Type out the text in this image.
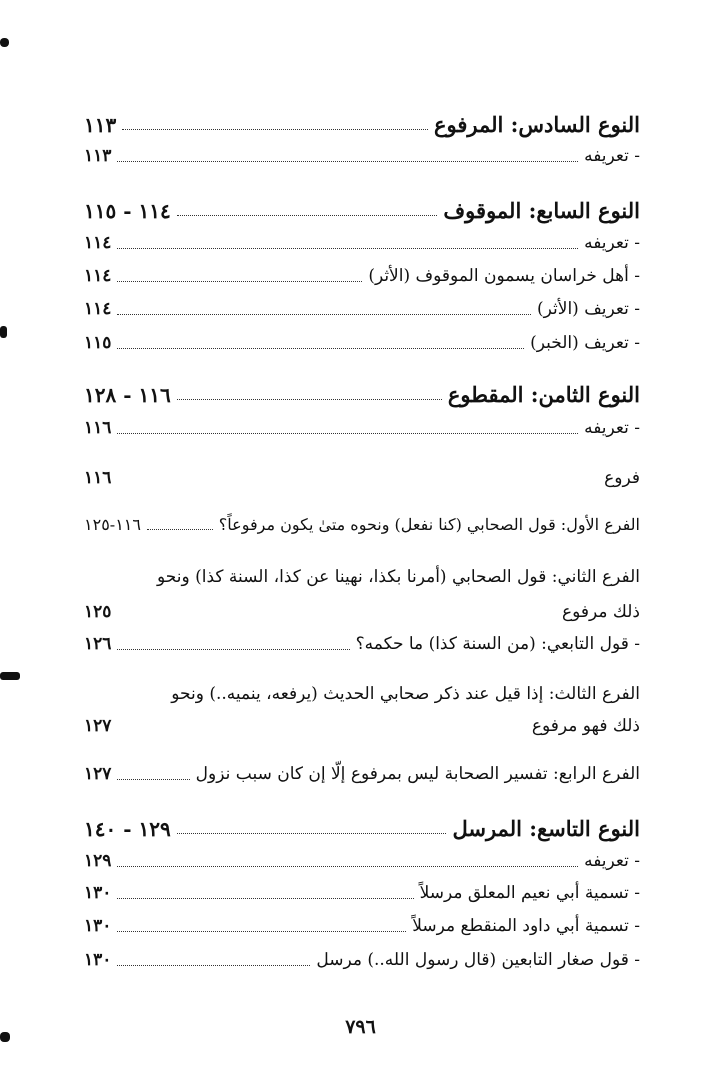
النوع السادس: المرفوع
١١٣
- تعريفه
١١٣
النوع السابع: الموقوف
١١٤ - ١١٥
- تعريفه
١١٤
- أهل خراسان يسمون الموقوف (الأثر)
١١٤
- تعريف (الأثر)
١١٤
- تعريف (الخبر)
١١٥
النوع الثامن: المقطوع
١١٦ - ١٢٨
- تعريفه
١١٦
فروع
١١٦
الفرع الأول: قول الصحابي (كنا نفعل) ونحوه متىٰ يكون مرفوعاً؟
١١٦-١٢٥
الفرع الثاني: قول الصحابي (أمرنا بكذا، نهينا عن كذا، السنة كذا) ونحو
ذلك مرفوع
١٢٥
- قول التابعي: (من السنة كذا) ما حكمه؟
١٢٦
الفرع الثالث: إذا قيل عند ذكر صحابي الحديث (يرفعه، ينميه..) ونحو
ذلك فهو مرفوع
١٢٧
الفرع الرابع: تفسير الصحابة ليس بمرفوع إلّا إن كان سبب نزول
١٢٧
النوع التاسع: المرسل
١٢٩ - ١٤٠
- تعريفه
١٢٩
- تسمية أبي نعيم المعلق مرسلاً
١٣٠
- تسمية أبي داود المنقطع مرسلاً
١٣٠
- قول صغار التابعين (قال رسول الله..) مرسل
١٣٠
٧٩٦
